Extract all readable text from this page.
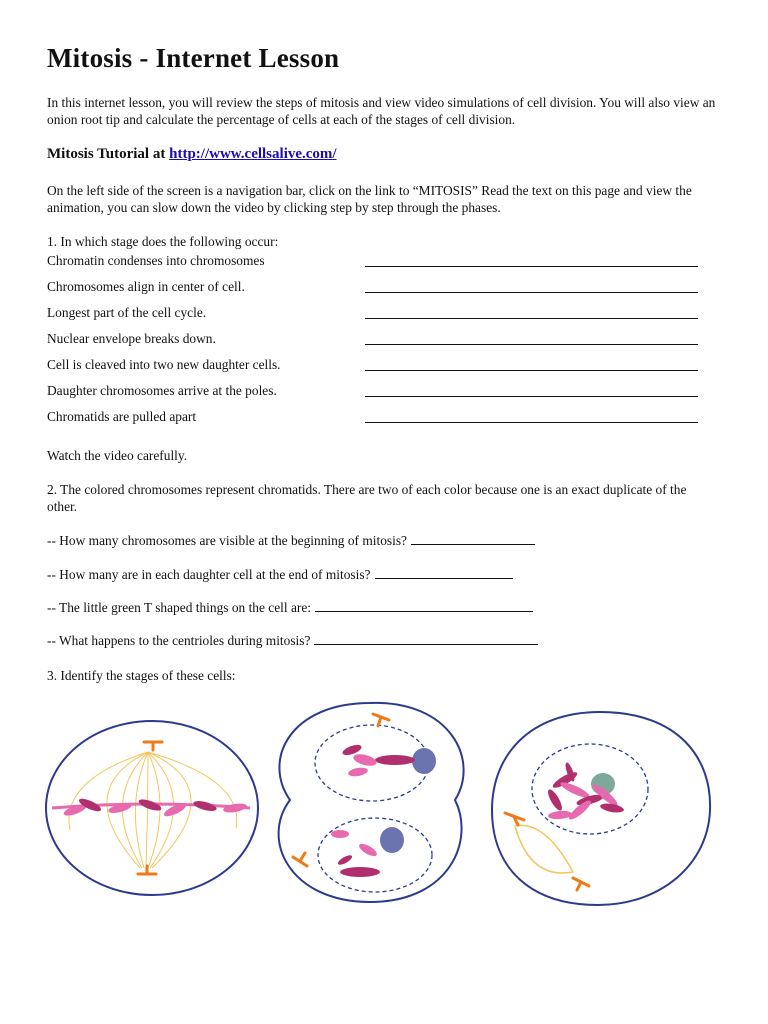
Mitosis - Internet Lesson

In this internet lesson, you will review the steps of mitosis and view video simulations of cell division. You will also view an onion root tip and calculate the percentage of cells at each of the stages of cell division.

Mitosis Tutorial at http://www.cellsalive.com/

On the left side of the screen is a navigation bar, click on the link to “MITOSIS” Read the text on this page and view the animation, you can slow down the video by clicking step by step through the phases.

1. In which stage does the following occur:

Chromatin condenses into chromosomes
Chromosomes align in center of cell.
Longest part of the cell cycle.
Nuclear envelope breaks down.
Cell is cleaved into two new daughter cells.
Daughter chromosomes arrive at the poles.
Chromatids are pulled apart

Watch the video carefully.

2. The colored chromosomes represent chromatids. There are two of each color because one is an exact duplicate of the other.

-- How many chromosomes are visible at the beginning of mitosis?
-- How many are in each daughter cell at the end of mitosis?
-- The little green T shaped things on the cell are:
-- What happens to the centrioles during mitosis?

3. Identify the stages of these cells:
